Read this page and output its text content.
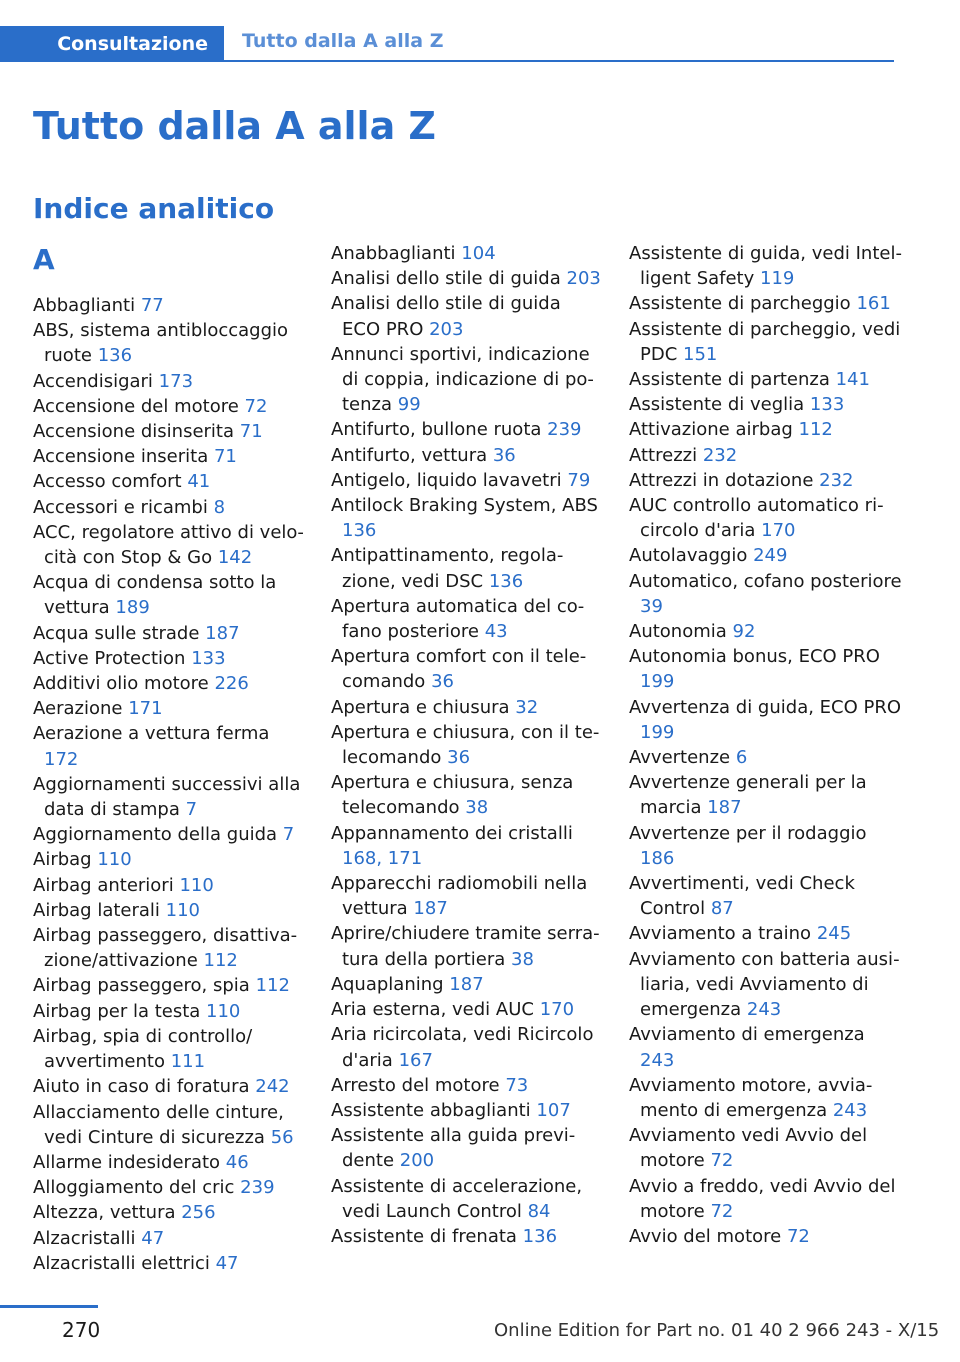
Consultazione	Tutto dalla A alla Z
Tutto dalla A alla Z
Indice analitico
A
Abbaglianti 77
ABS, sistema antibloccaggio ruote 136
Accendisigari 173
Accensione del motore 72
Accensione disinserita 71
Accensione inserita 71
Accesso comfort 41
Accessori e ricambi 8
ACC, regolatore attivo di velocità con Stop & Go 142
Acqua di condensa sotto la vettura 189
Acqua sulle strade 187
Active Protection 133
Additivi olio motore 226
Aerazione 171
Aerazione a vettura ferma 172
Aggiornamenti successivi alla data di stampa 7
Aggiornamento della guida 7
Airbag 110
Airbag anteriori 110
Airbag laterali 110
Airbag passeggero, disattivazione/attivazione 112
Airbag passeggero, spia 112
Airbag per la testa 110
Airbag, spia di controllo/ avvertimento 111
Aiuto in caso di foratura 242
Allacciamento delle cinture, vedi Cinture di sicurezza 56
Allarme indesiderato 46
Alloggiamento del cric 239
Altezza, vettura 256
Alzacristalli 47
Alzacristalli elettrici 47
Anabbaglianti 104
Analisi dello stile di guida 203
Analisi dello stile di guida ECO PRO 203
Annunci sportivi, indicazione di coppia, indicazione di potenza 99
Antifurto, bullone ruota 239
Antifurto, vettura 36
Antigelo, liquido lavavetri 79
Antilock Braking System, ABS 136
Antipattinamento, regolazione, vedi DSC 136
Apertura automatica del cofano posteriore 43
Apertura comfort con il telecomando 36
Apertura e chiusura 32
Apertura e chiusura, con il telecomando 36
Apertura e chiusura, senza telecomando 38
Appannamento dei cristalli 168, 171
Apparecchi radiomobili nella vettura 187
Aprire/chiudere tramite serratura della portiera 38
Aquaplaning 187
Aria esterna, vedi AUC 170
Aria ricircolata, vedi Ricircolo d'aria 167
Arresto del motore 73
Assistente abbaglianti 107
Assistente alla guida previdente 200
Assistente di accelerazione, vedi Launch Control 84
Assistente di frenata 136
Assistente di guida, vedi Intelligent Safety 119
Assistente di parcheggio 161
Assistente di parcheggio, vedi PDC 151
Assistente di partenza 141
Assistente di veglia 133
Attivazione airbag 112
Attrezzi 232
Attrezzi in dotazione 232
AUC controllo automatico ricircolo d'aria 170
Autolavaggio 249
Automatico, cofano posteriore 39
Autonomia 92
Autonomia bonus, ECO PRO 199
Avvertenza di guida, ECO PRO 199
Avvertenze 6
Avvertenze generali per la marcia 187
Avvertenze per il rodaggio 186
Avvertimenti, vedi Check Control 87
Avviamento a traino 245
Avviamento con batteria ausiliaria, vedi Avviamento di emergenza 243
Avviamento di emergenza 243
Avviamento motore, avviamento di emergenza 243
Avviamento vedi Avvio del motore 72
Avvio a freddo, vedi Avvio del motore 72
Avvio del motore 72
270	Online Edition for Part no. 01 40 2 966 243 - X/15
